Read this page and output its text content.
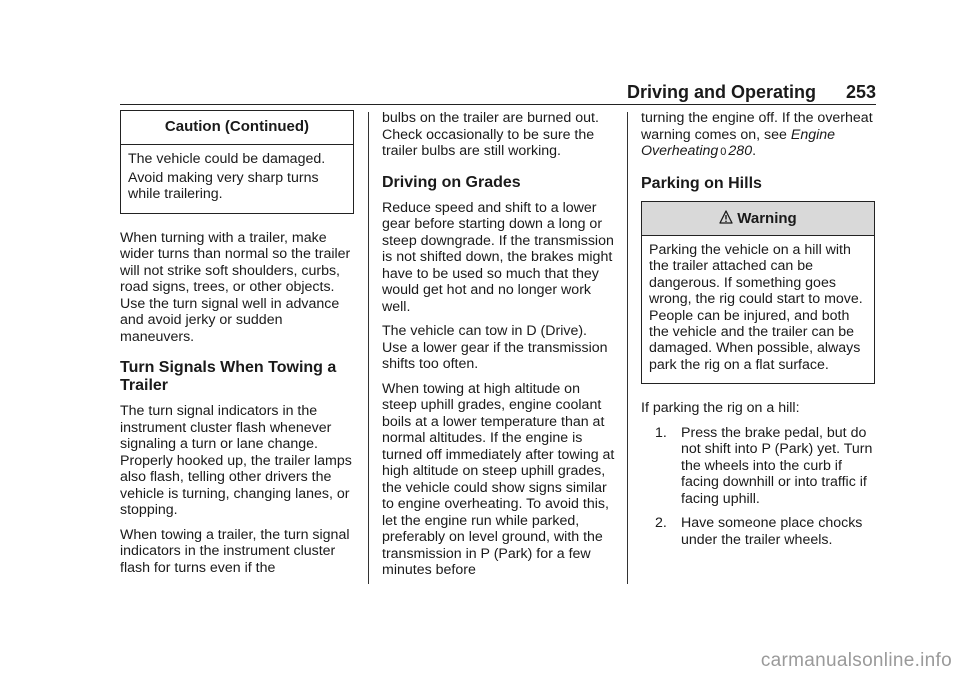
Driving and Operating 253
Caution (Continued)

The vehicle could be damaged.

Avoid making very sharp turns while trailering.

When turning with a trailer, make wider turns than normal so the trailer will not strike soft shoulders, curbs, road signs, trees, or other objects. Use the turn signal well in advance and avoid jerky or sudden maneuvers.

Turn Signals When Towing a Trailer

The turn signal indicators in the instrument cluster flash whenever signaling a turn or lane change. Properly hooked up, the trailer lamps also flash, telling other drivers the vehicle is turning, changing lanes, or stopping.

When towing a trailer, the turn signal indicators in the instrument cluster flash for turns even if the

bulbs on the trailer are burned out. Check occasionally to be sure the trailer bulbs are still working.

Driving on Grades

Reduce speed and shift to a lower gear before starting down a long or steep downgrade. If the transmission is not shifted down, the brakes might have to be used so much that they would get hot and no longer work well.

The vehicle can tow in D (Drive). Use a lower gear if the transmission shifts too often.

When towing at high altitude on steep uphill grades, engine coolant boils at a lower temperature than at normal altitudes. If the engine is turned off immediately after towing at high altitude on steep uphill grades, the vehicle could show signs similar to engine overheating. To avoid this, let the engine run while parked, preferably on level ground, with the transmission in P (Park) for a few minutes before

turning the engine off. If the overheat warning comes on, see Engine Overheating 0 280.

Parking on Hills
Warning

Parking the vehicle on a hill with the trailer attached can be dangerous. If something goes wrong, the rig could start to move. People can be injured, and both the vehicle and the trailer can be damaged. When possible, always park the rig on a flat surface.

If parking the rig on a hill:

1. Press the brake pedal, but do not shift into P (Park) yet. Turn the wheels into the curb if facing downhill or into traffic if facing uphill.
2. Have someone place chocks under the trailer wheels.
carmanualsonline.info
